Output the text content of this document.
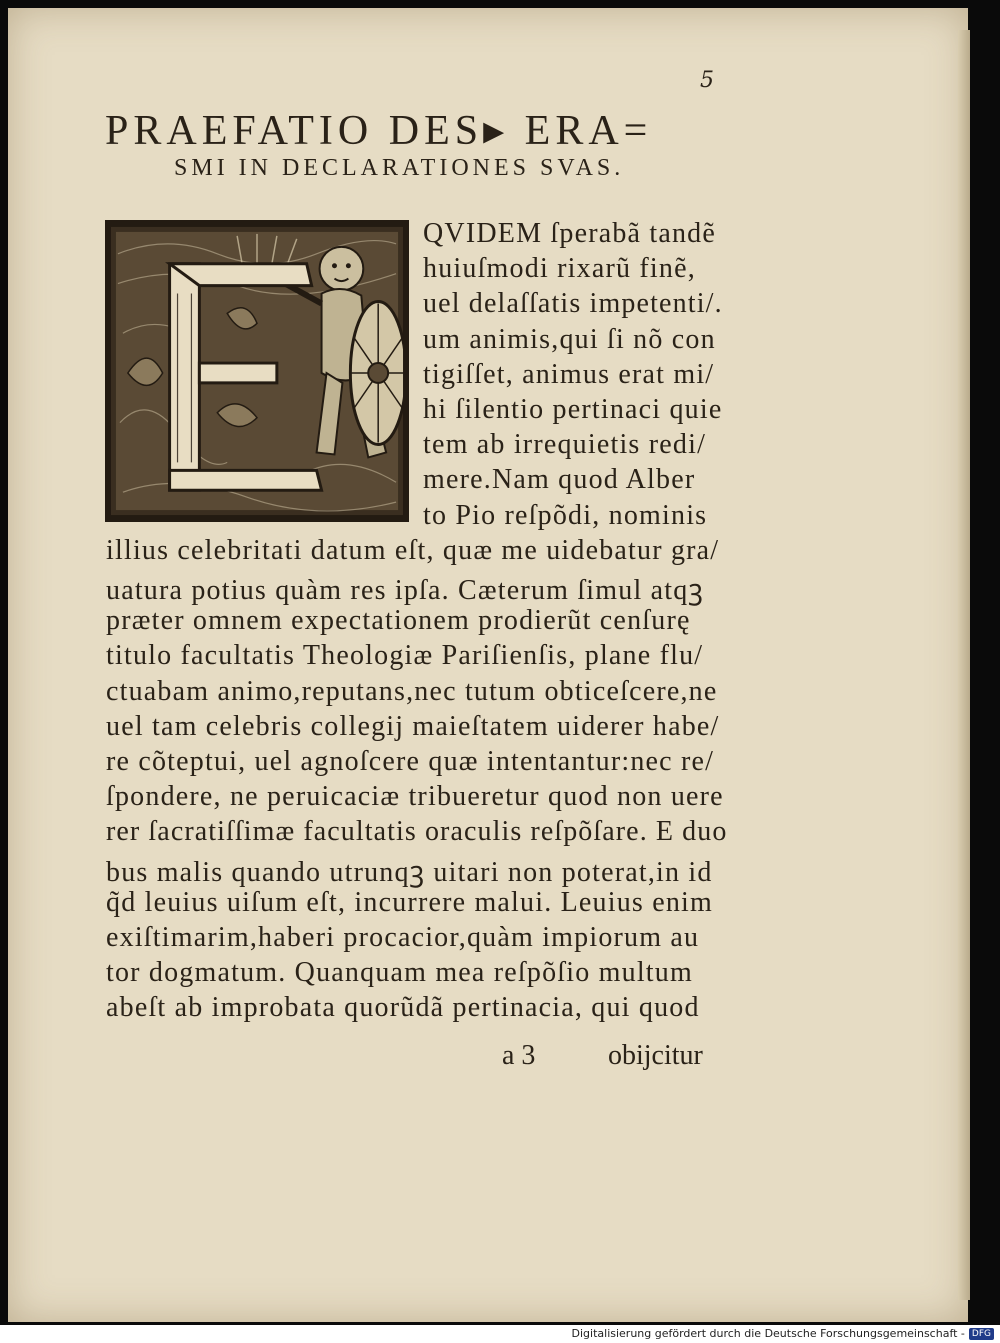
5
PRAEFATIO DES▸ ERA=
SMI IN DECLARATIONES SVAS.
QVIDEM ſperabã tandẽ
huiuſmodi rixarũ finẽ,
uel delaſſatis impetenti/.
um animis,qui ſi nõ con
tigiſſet, animus erat mi/
hi ſilentio pertinaci quie
tem ab irrequietis redi/
mere.Nam quod Alber
to Pio reſpõdi, nominis
illius celebritati datum eſt, quæ me uidebatur gra/
uatura potius quàm res ipſa. Cæterum ſimul atqꝫ
præter omnem expectationem prodierũt cenſurę
titulo facultatis Theologiæ Pariſienſis, plane flu/
ctuabam animo,reputans,nec tutum obticeſcere,ne
uel tam celebris collegij maieſtatem uiderer habe/
re cõteptui, uel agnoſcere quæ intentantur:nec re/
ſpondere, ne peruicaciæ tribueretur quod non uere
rer ſacratiſſimæ facultatis oraculis reſpõſare. E duo
bus malis quando utrunqꝫ uitari non poterat,in id
q̃d leuius uiſum eſt, incurrere malui. Leuius enim
exiſtimarim,haberi procacior,quàm impiorum au
tor dogmatum. Quanquam mea reſpõſio multum
abeſt ab improbata quorũdã pertinacia, qui quod
a 3	obijcitur
Digitalisierung gefördert durch die Deutsche Forschungsgemeinschaft - DFG
